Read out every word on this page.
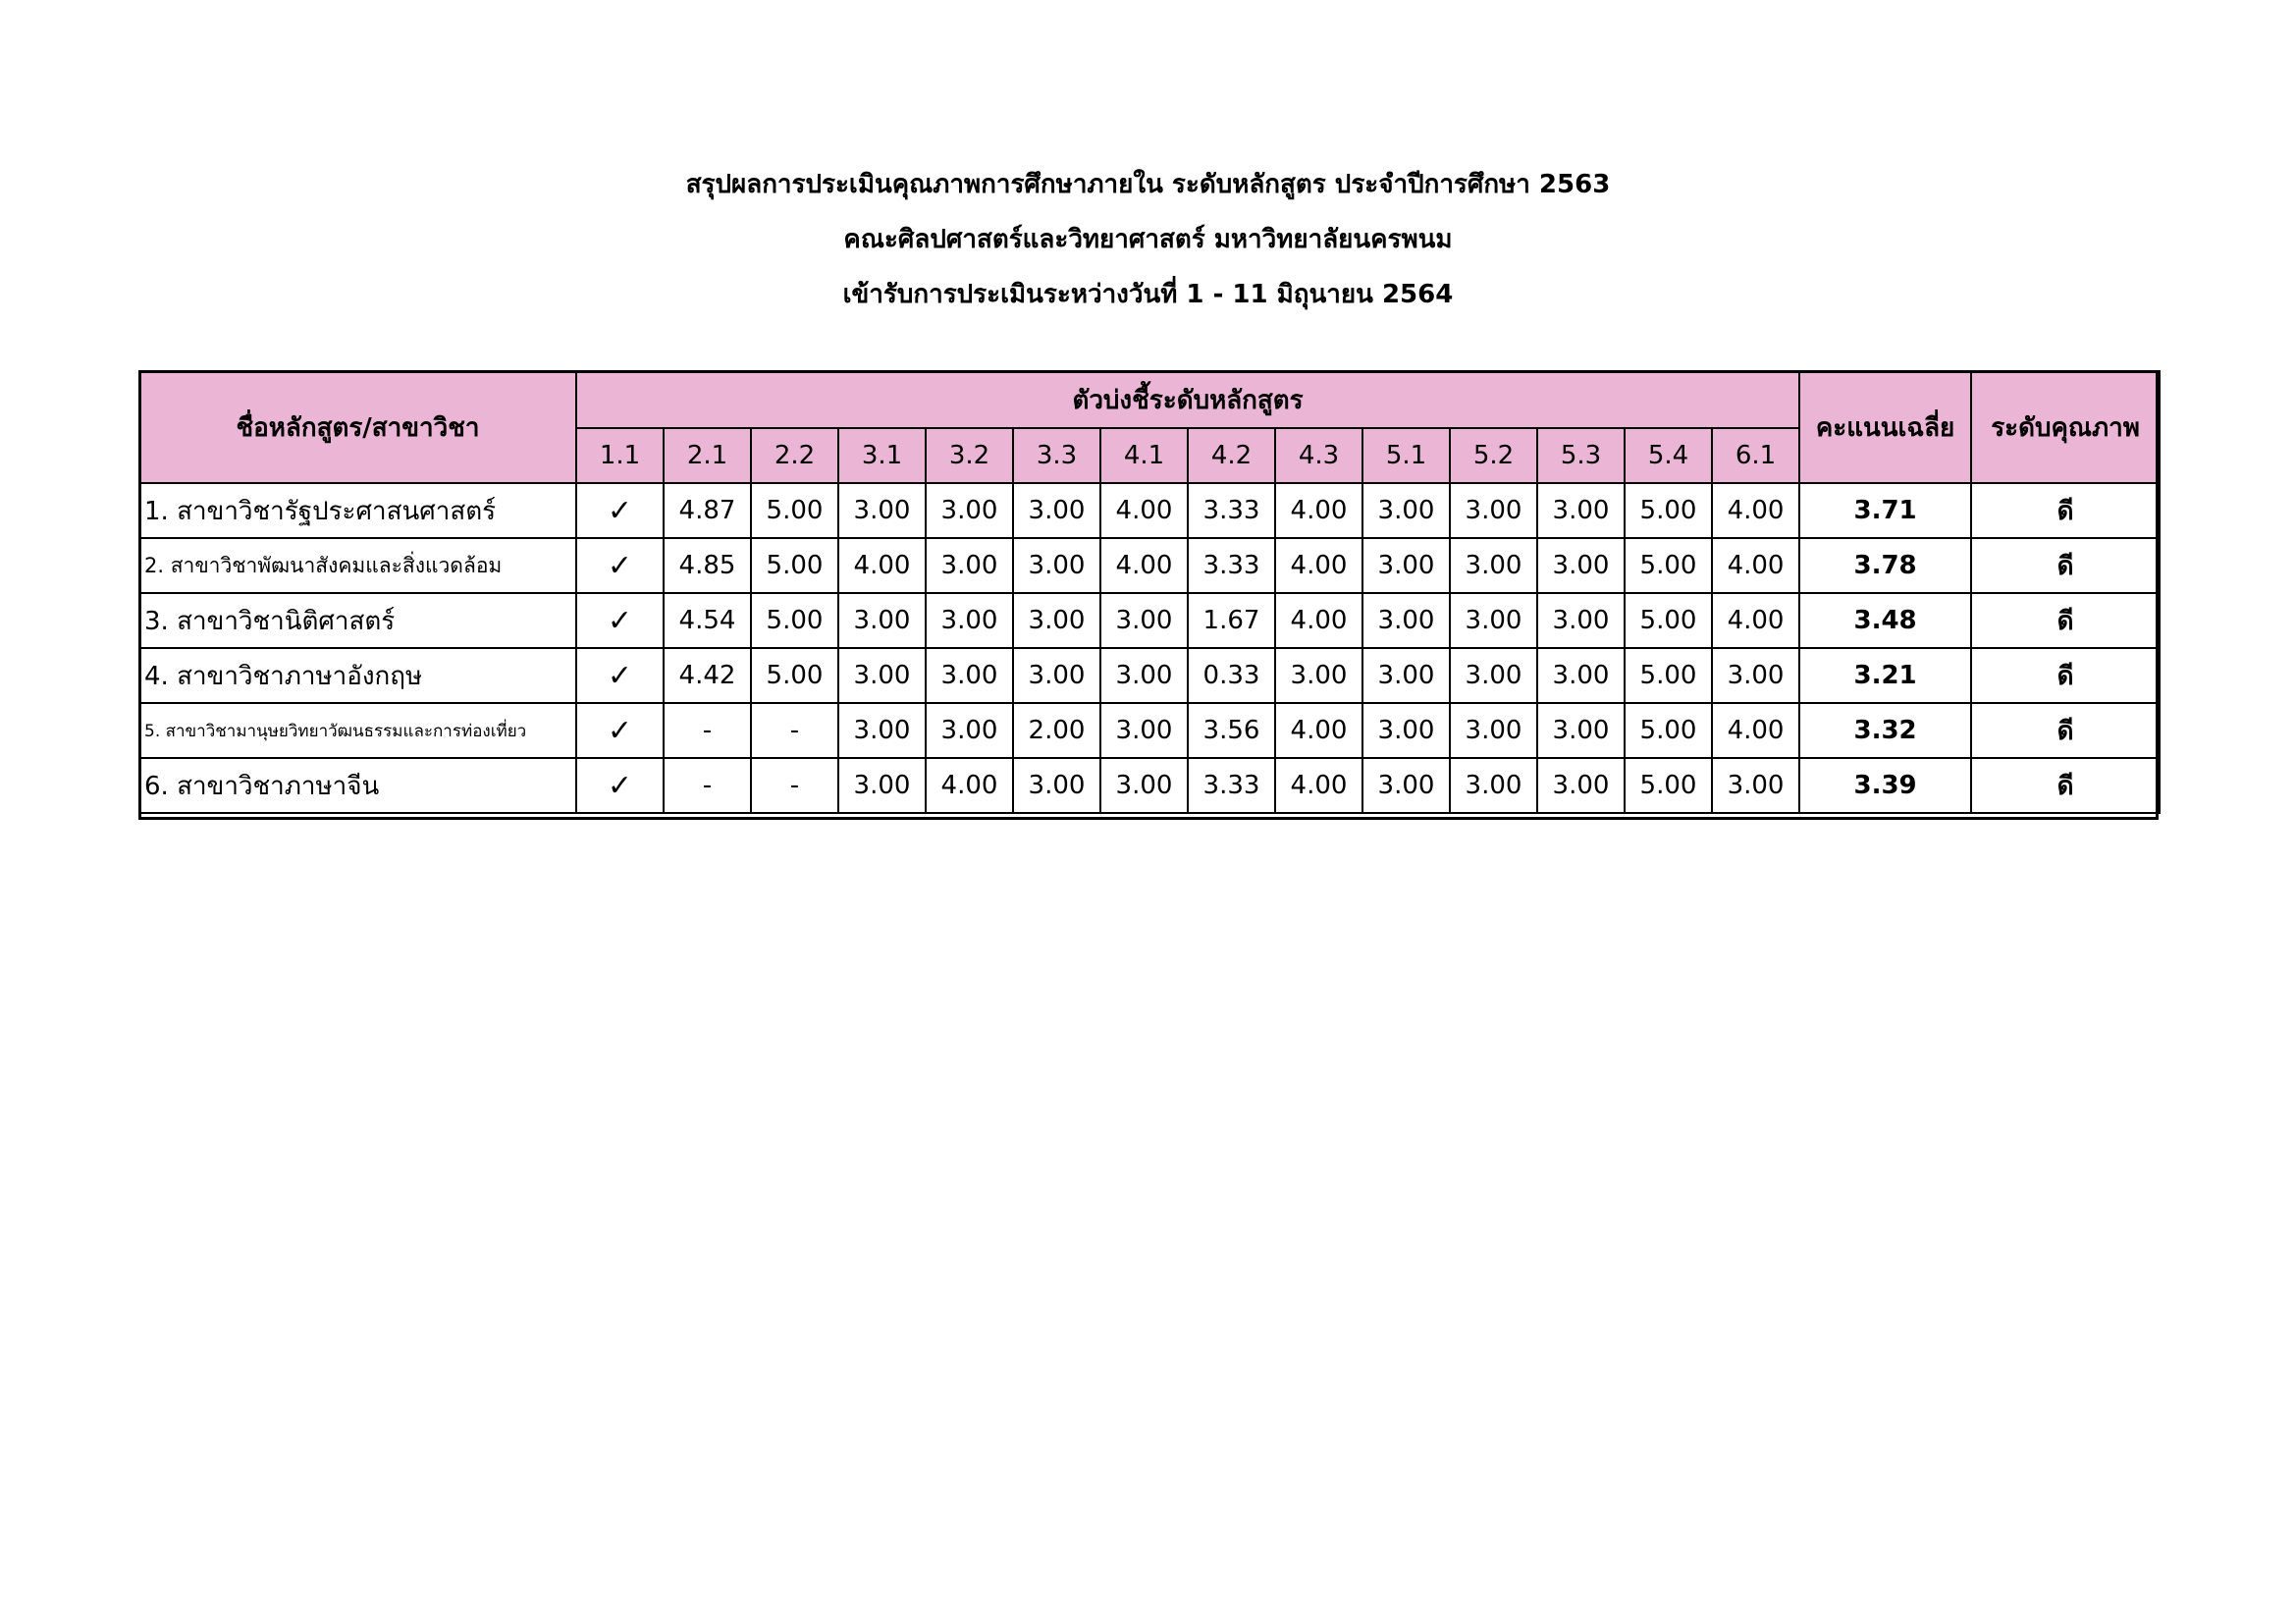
สรุปผลการประเมินคุณภาพการศึกษาภายใน ระดับหลักสูตร ประจำปีการศึกษา 2563
คณะศิลปศาสตร์และวิทยาศาสตร์ มหาวิทยาลัยนครพนม
เข้ารับการประเมินระหว่างวันที่ 1 - 11 มิถุนายน 2564
ชื่อหลักสูตร/สาขาวิชา	ตัวบ่งชี้ระดับหลักสูตร														คะแนนเฉลี่ย	ระดับคุณภาพ
	1.1	2.1	2.2	3.1	3.2	3.3	4.1	4.2	4.3	5.1	5.2	5.3	5.4	6.1		
1. สาขาวิชารัฐประศาสนศาสตร์	✓	4.87	5.00	3.00	3.00	3.00	4.00	3.33	4.00	3.00	3.00	3.00	5.00	4.00	3.71	ดี
2. สาขาวิชาพัฒนาสังคมและสิ่งแวดล้อม	✓	4.85	5.00	4.00	3.00	3.00	4.00	3.33	4.00	3.00	3.00	3.00	5.00	4.00	3.78	ดี
3. สาขาวิชานิติศาสตร์	✓	4.54	5.00	3.00	3.00	3.00	3.00	1.67	4.00	3.00	3.00	3.00	5.00	4.00	3.48	ดี
4. สาขาวิชาภาษาอังกฤษ	✓	4.42	5.00	3.00	3.00	3.00	3.00	0.33	3.00	3.00	3.00	3.00	5.00	3.00	3.21	ดี
5. สาขาวิชามานุษยวิทยาวัฒนธรรมและการท่องเที่ยว	✓	-	-	3.00	3.00	2.00	3.00	3.56	4.00	3.00	3.00	3.00	5.00	4.00	3.32	ดี
6. สาขาวิชาภาษาจีน	✓	-	-	3.00	4.00	3.00	3.00	3.33	4.00	3.00	3.00	3.00	5.00	3.00	3.39	ดี
